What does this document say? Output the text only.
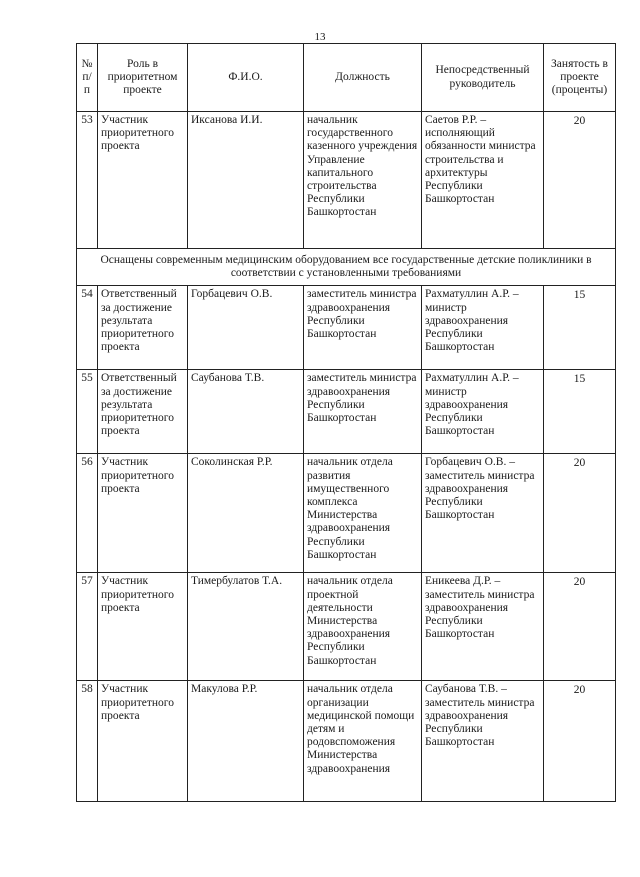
13
№ п/п	Роль в приоритетном проекте	Ф.И.О.	Должность	Непосредственный руководитель	Занятость в проекте (проценты)
53	Участник приоритетного проекта	Иксанова И.И.	начальник государственного казенного учреждения Управление капитального строительства Республики Башкортостан	Саетов Р.Р. – исполняющий обязанности министра строительства и архитектуры Республики Башкортостан	20
Оснащены современным медицинским оборудованием все государственные детские поликлиники в соответствии с установленными требованиями					
54	Ответственный за достижение результата приоритетного проекта	Горбацевич О.В.	заместитель министра здравоохранения Республики Башкортостан	Рахматуллин А.Р. – министр здравоохранения Республики Башкортостан	15
55	Ответственный за достижение результата приоритетного проекта	Саубанова Т.В.	заместитель министра здравоохранения Республики Башкортостан	Рахматуллин А.Р. – министр здравоохранения Республики Башкортостан	15
56	Участник приоритетного проекта	Соколинская Р.Р.	начальник отдела развития имущественного комплекса Министерства здравоохранения Республики Башкортостан	Горбацевич О.В. – заместитель министра здравоохранения Республики Башкортостан	20
57	Участник приоритетного проекта	Тимербулатов Т.А.	начальник отдела проектной деятельности Министерства здравоохранения Республики Башкортостан	Еникеева Д.Р. – заместитель министра здравоохранения Республики Башкортостан	20
58	Участник приоритетного проекта	Макулова Р.Р.	начальник отдела организации медицинской помощи детям и родовспоможения Министерства здравоохранения	Саубанова Т.В. – заместитель министра здравоохранения Республики Башкортостан	20
